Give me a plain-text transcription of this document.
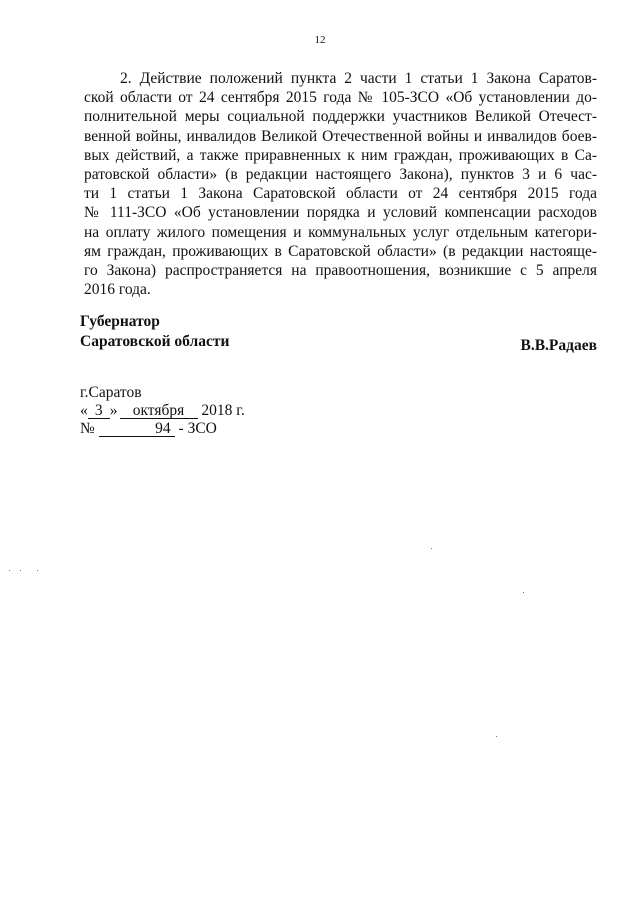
12
2. Действие положений пункта 2 части 1 статьи 1 Закона Саратов-
ской области от 24 сентября 2015 года № 105-ЗСО «Об установлении до-
полнительной меры социальной поддержки участников Великой Отечест-
венной войны, инвалидов Великой Отечественной войны и инвалидов боев-
вых действий, а также приравненных к ним граждан, проживающих в Са-
ратовской области» (в редакции настоящего Закона), пунктов 3 и 6 час-
ти 1 статьи 1 Закона Саратовской области от 24 сентября 2015 года
№ 111-ЗСО «Об установлении порядка и условий компенсации расходов
на оплату жилого помещения и коммунальных услуг отдельным категори-
ям граждан, проживающих в Саратовской области» (в редакции настояще-
го Закона) распространяется на правоотношения, возникшие с 5 апреля
2016 года.
Губернатор
Саратовской области	В.В.Радаев
г.Саратов
« 3 » октября 2018 г.
№	94 - ЗСО
